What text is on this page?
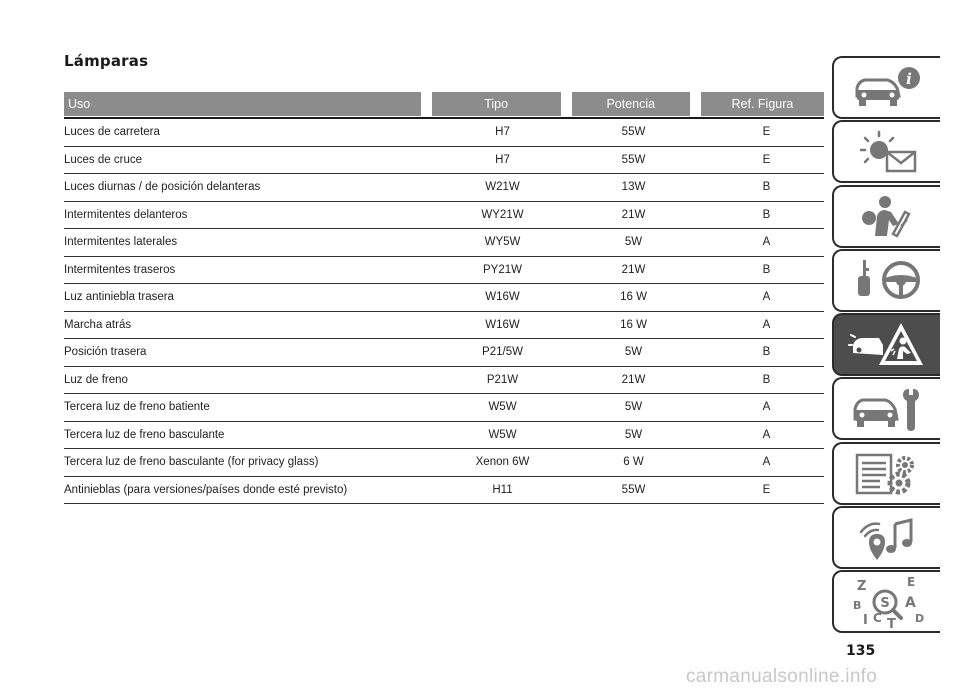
Lámparas
Uso	Tipo	Potencia	Ref. Figura
Luces de carretera	H7	55W	E
Luces de cruce	H7	55W	E
Luces diurnas / de posición delanteras	W21W	13W	B
Intermitentes delanteros	WY21W	21W	B
Intermitentes laterales	WY5W	5W	A
Intermitentes traseros	PY21W	21W	B
Luz antiniebla trasera	W16W	16 W	A
Marcha atrás	W16W	16 W	A
Posición trasera	P21/5W	5W	B
Luz de freno	P21W	21W	B
Tercera luz de freno batiente	W5W	5W	A
Tercera luz de freno basculante	W5W	5W	A
Tercera luz de freno basculante (for privacy glass)	Xenon 6W	6 W	A
Antinieblas (para versiones/países donde esté previsto)	H11	55W	E
i
Z	E
B	A
I C T D
S
135
carmanualsonline.info
